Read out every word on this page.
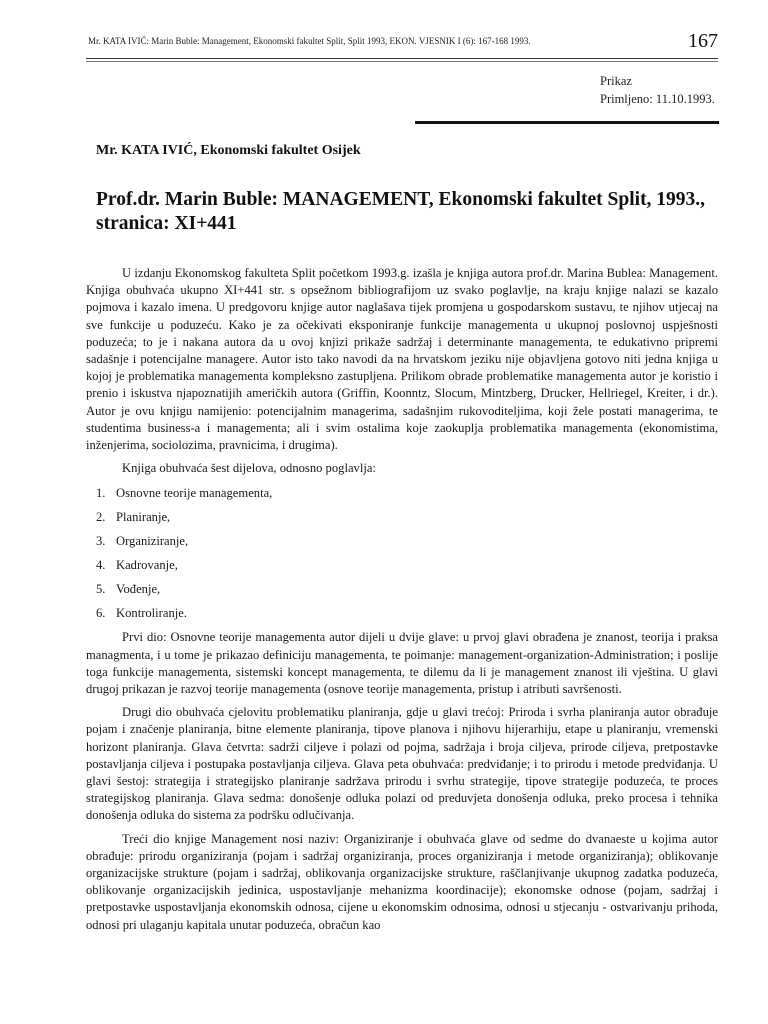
Mr. KATA IVIĆ: Marin Buble: Management, Ekonomski fakultet Split, Split 1993, EKON. VJESNIK I (6): 167-168 1993.	167
Prikaz
Primljeno: 11.10.1993.
Mr. KATA IVIĆ, Ekonomski fakultet Osijek
Prof.dr. Marin Buble: MANAGEMENT, Ekonomski fakultet Split, 1993.,
stranica: XI+441

U izdanju Ekonomskog fakulteta Split početkom 1993.g. izašla je knjiga autora prof.dr. Marina Bublea: Management. Knjiga obuhvaća ukupno XI+441 str. s opsežnom bibliografijom uz svako poglavlje, na kraju knjige nalazi se kazalo pojmova i kazalo imena. U predgovoru knjige autor naglašava tijek promjena u gospodarskom sustavu, te njihov utjecaj na sve funkcije u poduzeću. Kako je za očekivati eksponiranje funkcije managementa u ukupnoj poslovnoj uspješnosti poduzeća; to je i nakana autora da u ovoj knjizi prikaže sadržaj i determinante managementa, te edukativno pripremi sadašnje i potencijalne managere. Autor isto tako navodi da na hrvatskom jeziku nije objavljena gotovo niti jedna knjiga u kojoj je problematika managementa kompleksno zastupljena. Prilikom obrade problematike managementa autor je koristio i prenio i iskustva njapoznatijih američkih autora (Griffin, Koonntz, Slocum, Mintzberg, Drucker, Hellriegel, Kreiter, i dr.). Autor je ovu knjigu namijenio: potencijalnim managerima, sadašnjim rukovoditeljima, koji žele postati managerima, te studentima business-a i managementa; ali i svim ostalima koje zaokuplja problematika managementa (ekonomistima, inženjerima, sociolozima, pravnicima, i drugima).

Knjiga obuhvaća šest dijelova, odnosno poglavlja:

1. Osnovne teorije managementa,
2. Planiranje,
3. Organiziranje,
4. Kadrovanje,
5. Vođenje,
6. Kontroliranje.

Prvi dio: Osnovne teorije managementa autor dijeli u dvije glave: u prvoj glavi obrađena je znanost, teorija i praksa managmenta, i u tome je prikazao definiciju managementa, te poimanje: management-organization-Administration; i poslije toga funkcije managementa, sistemski koncept managementa, te dilemu da li je management znanost ili vještina. U glavi drugoj prikazan je razvoj teorije managementa (osnove teorije managementa, pristup i atributi savršenosti.

Drugi dio obuhvaća cjelovitu problematiku planiranja, gdje u glavi trećoj: Priroda i svrha planiranja autor obrađuje pojam i značenje planiranja, bitne elemente planiranja, tipove planova i njihovu hijerarhiju, etape u planiranju, vremenski horizont planiranja. Glava četvrta: sadrži ciljeve i polazi od pojma, sadržaja i broja ciljeva, prirode ciljeva, pretpostavke postavljanja ciljeva i postupaka postavljanja ciljeva. Glava peta obuhvaća: predviđanje; i to prirodu i metode predviđanja. U glavi šestoj: strategija i strategijsko planiranje sadržava prirodu i svrhu strategije, tipove strategije poduzeća, te proces strategijskog planiranja. Glava sedma: donošenje odluka polazi od preduvjeta donošenja odluka, preko procesa i tehnika donošenja odluka do sistema za podršku odlučivanja.

Treći dio knjige Management nosi naziv: Organiziranje i obuhvaća glave od sedme do dvanaeste u kojima autor obrađuje: prirodu organiziranja (pojam i sadržaj organiziranja, proces organiziranja i metode organiziranja); oblikovanje organizacijske strukture (pojam i sadržaj, oblikovanja organizacijske strukture, raščlanjivanje ukupnog zadatka poduzeća, oblikovanje organizacijskih jedinica, uspostavljanje mehanizma koordinacije); ekonomske odnose (pojam, sadržaj i pretpostavke uspostavljanja ekonomskih odnosa, cijene u ekonomskim odnosima, odnosi u stjecanju - ostvarivanju prihoda, odnosi pri ulaganju kapitala unutar poduzeća, obračun kao
